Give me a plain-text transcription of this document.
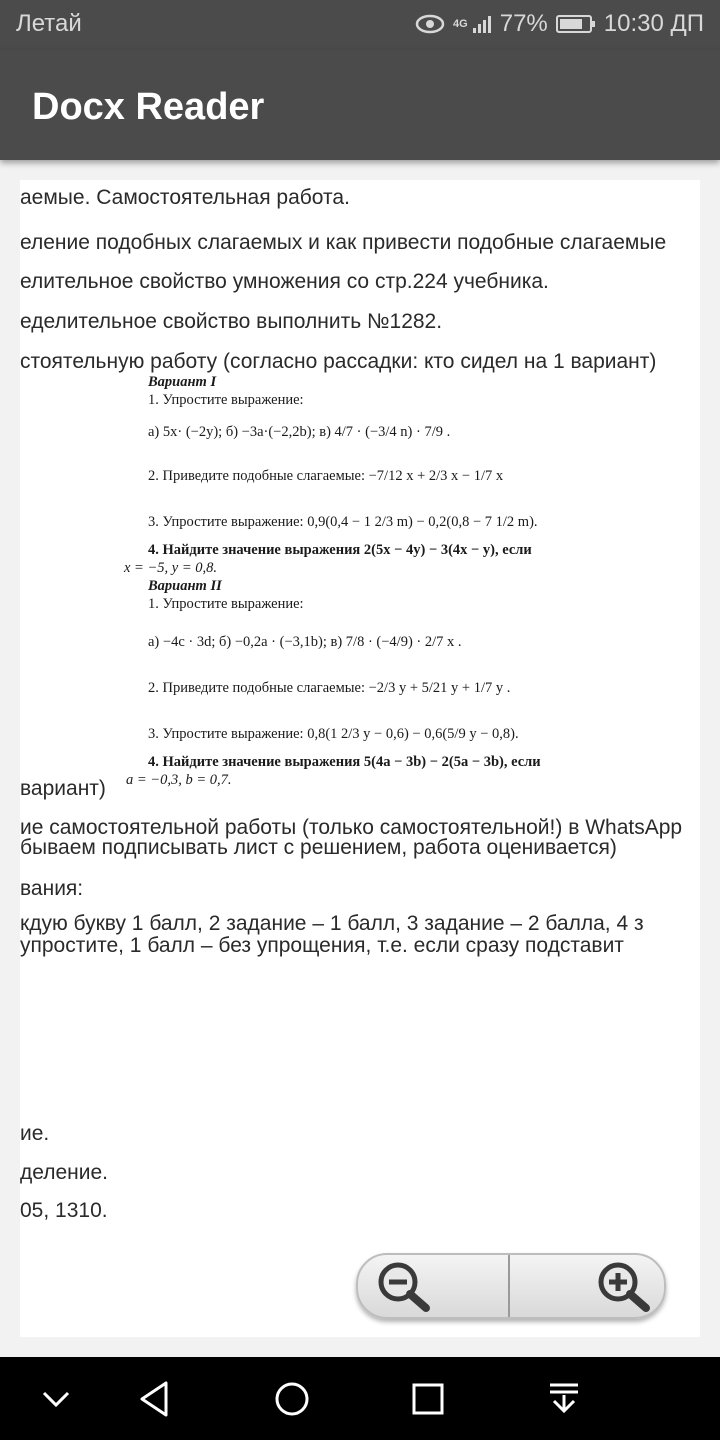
Летай	4G 77% 10:30 ДП
Docx Reader
аемые. Самостоятельная работа.
еление подобных слагаемых и как привести подобные слагаемые
елительное свойство умножения со стр.224 учебника.
еделительное свойство выполнить №1282.
стоятельную работу (согласно рассадки: кто сидел на 1 вариант)
Вариант I
1. Упростите выражение:
а) 5x· (−2y); б) −3a·(−2,2b); в) 4/7 · (−3/4 n) · 7/9 .
2. Приведите подобные слагаемые: −7/12 x + 2/3 x − 1/7 x
3. Упростите выражение: 0,9(0,4 − 1 2/3 m) − 0,2(0,8 − 7 1/2 m).
4. Найдите значение выражения 2(5x − 4y) − 3(4x − y), если
x = −5, y = 0,8.
Вариант II
1. Упростите выражение:
а) −4c · 3d; б) −0,2a · (−3,1b); в) 7/8 · (−4/9) · 2/7 x .
2. Приведите подобные слагаемые: −2/3 y + 5/21 y + 1/7 y .
3. Упростите выражение: 0,8(1 2/3 y − 0,6) − 0,6(5/9 y − 0,8).
4. Найдите значение выражения 5(4a − 3b) − 2(5a − 3b), если
a = −0,3, b = 0,7.
вариант)
ие самостоятельной работы (только самостоятельной!) в WhatsApp
бываем подписывать лист с решением, работа оценивается)
вания:
кдую букву 1 балл, 2 задание – 1 балл, 3 задание – 2 балла, 4 з
упростите, 1 балл – без упрощения, т.е. если сразу подставит
ие.
деление.
05, 1310.
